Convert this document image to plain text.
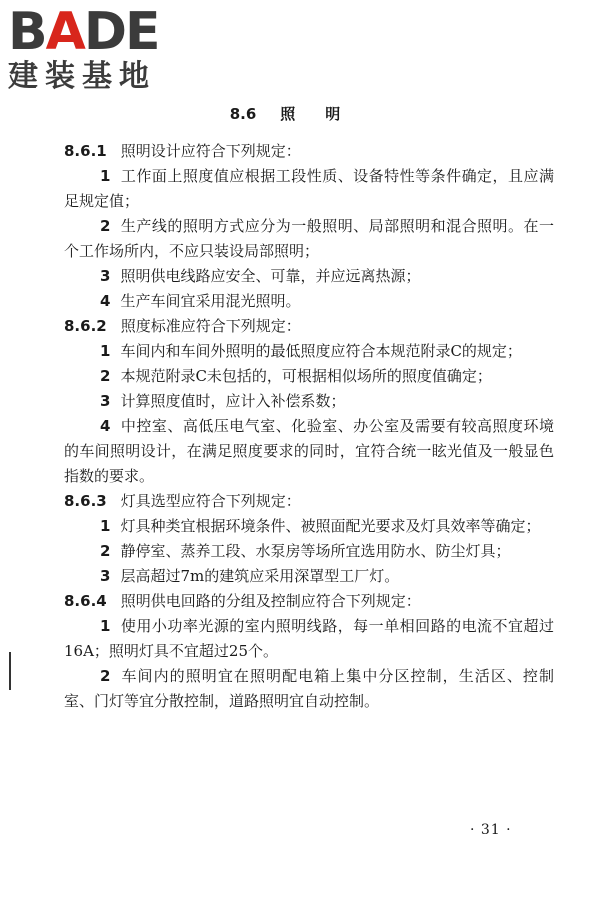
BADE
建装基地
8.6 照明

8.6.1 照明设计应符合下列规定：

1 工作面上照度值应根据工段性质、设备特性等条件确定，且应满足规定值；

2 生产线的照明方式应分为一般照明、局部照明和混合照明。在一个工作场所内，不应只装设局部照明；

3 照明供电线路应安全、可靠，并应远离热源；

4 生产车间宜采用混光照明。

8.6.2 照度标准应符合下列规定：

1 车间内和车间外照明的最低照度应符合本规范附录C的规定；

2 本规范附录C未包括的，可根据相似场所的照度值确定；

3 计算照度值时，应计入补偿系数；

4 中控室、高低压电气室、化验室、办公室及需要有较高照度环境的车间照明设计，在满足照度要求的同时，宜符合统一眩光值及一般显色指数的要求。

8.6.3 灯具选型应符合下列规定：

1 灯具种类宜根据环境条件、被照面配光要求及灯具效率等确定；

2 静停室、蒸养工段、水泵房等场所宜选用防水、防尘灯具；

3 层高超过7m的建筑应采用深罩型工厂灯。

8.6.4 照明供电回路的分组及控制应符合下列规定：

1 使用小功率光源的室内照明线路，每一单相回路的电流不宜超过16A；照明灯具不宜超过25个。

2 车间内的照明宜在照明配电箱上集中分区控制，生活区、控制室、门灯等宜分散控制，道路照明宜自动控制。

· 31 ·
